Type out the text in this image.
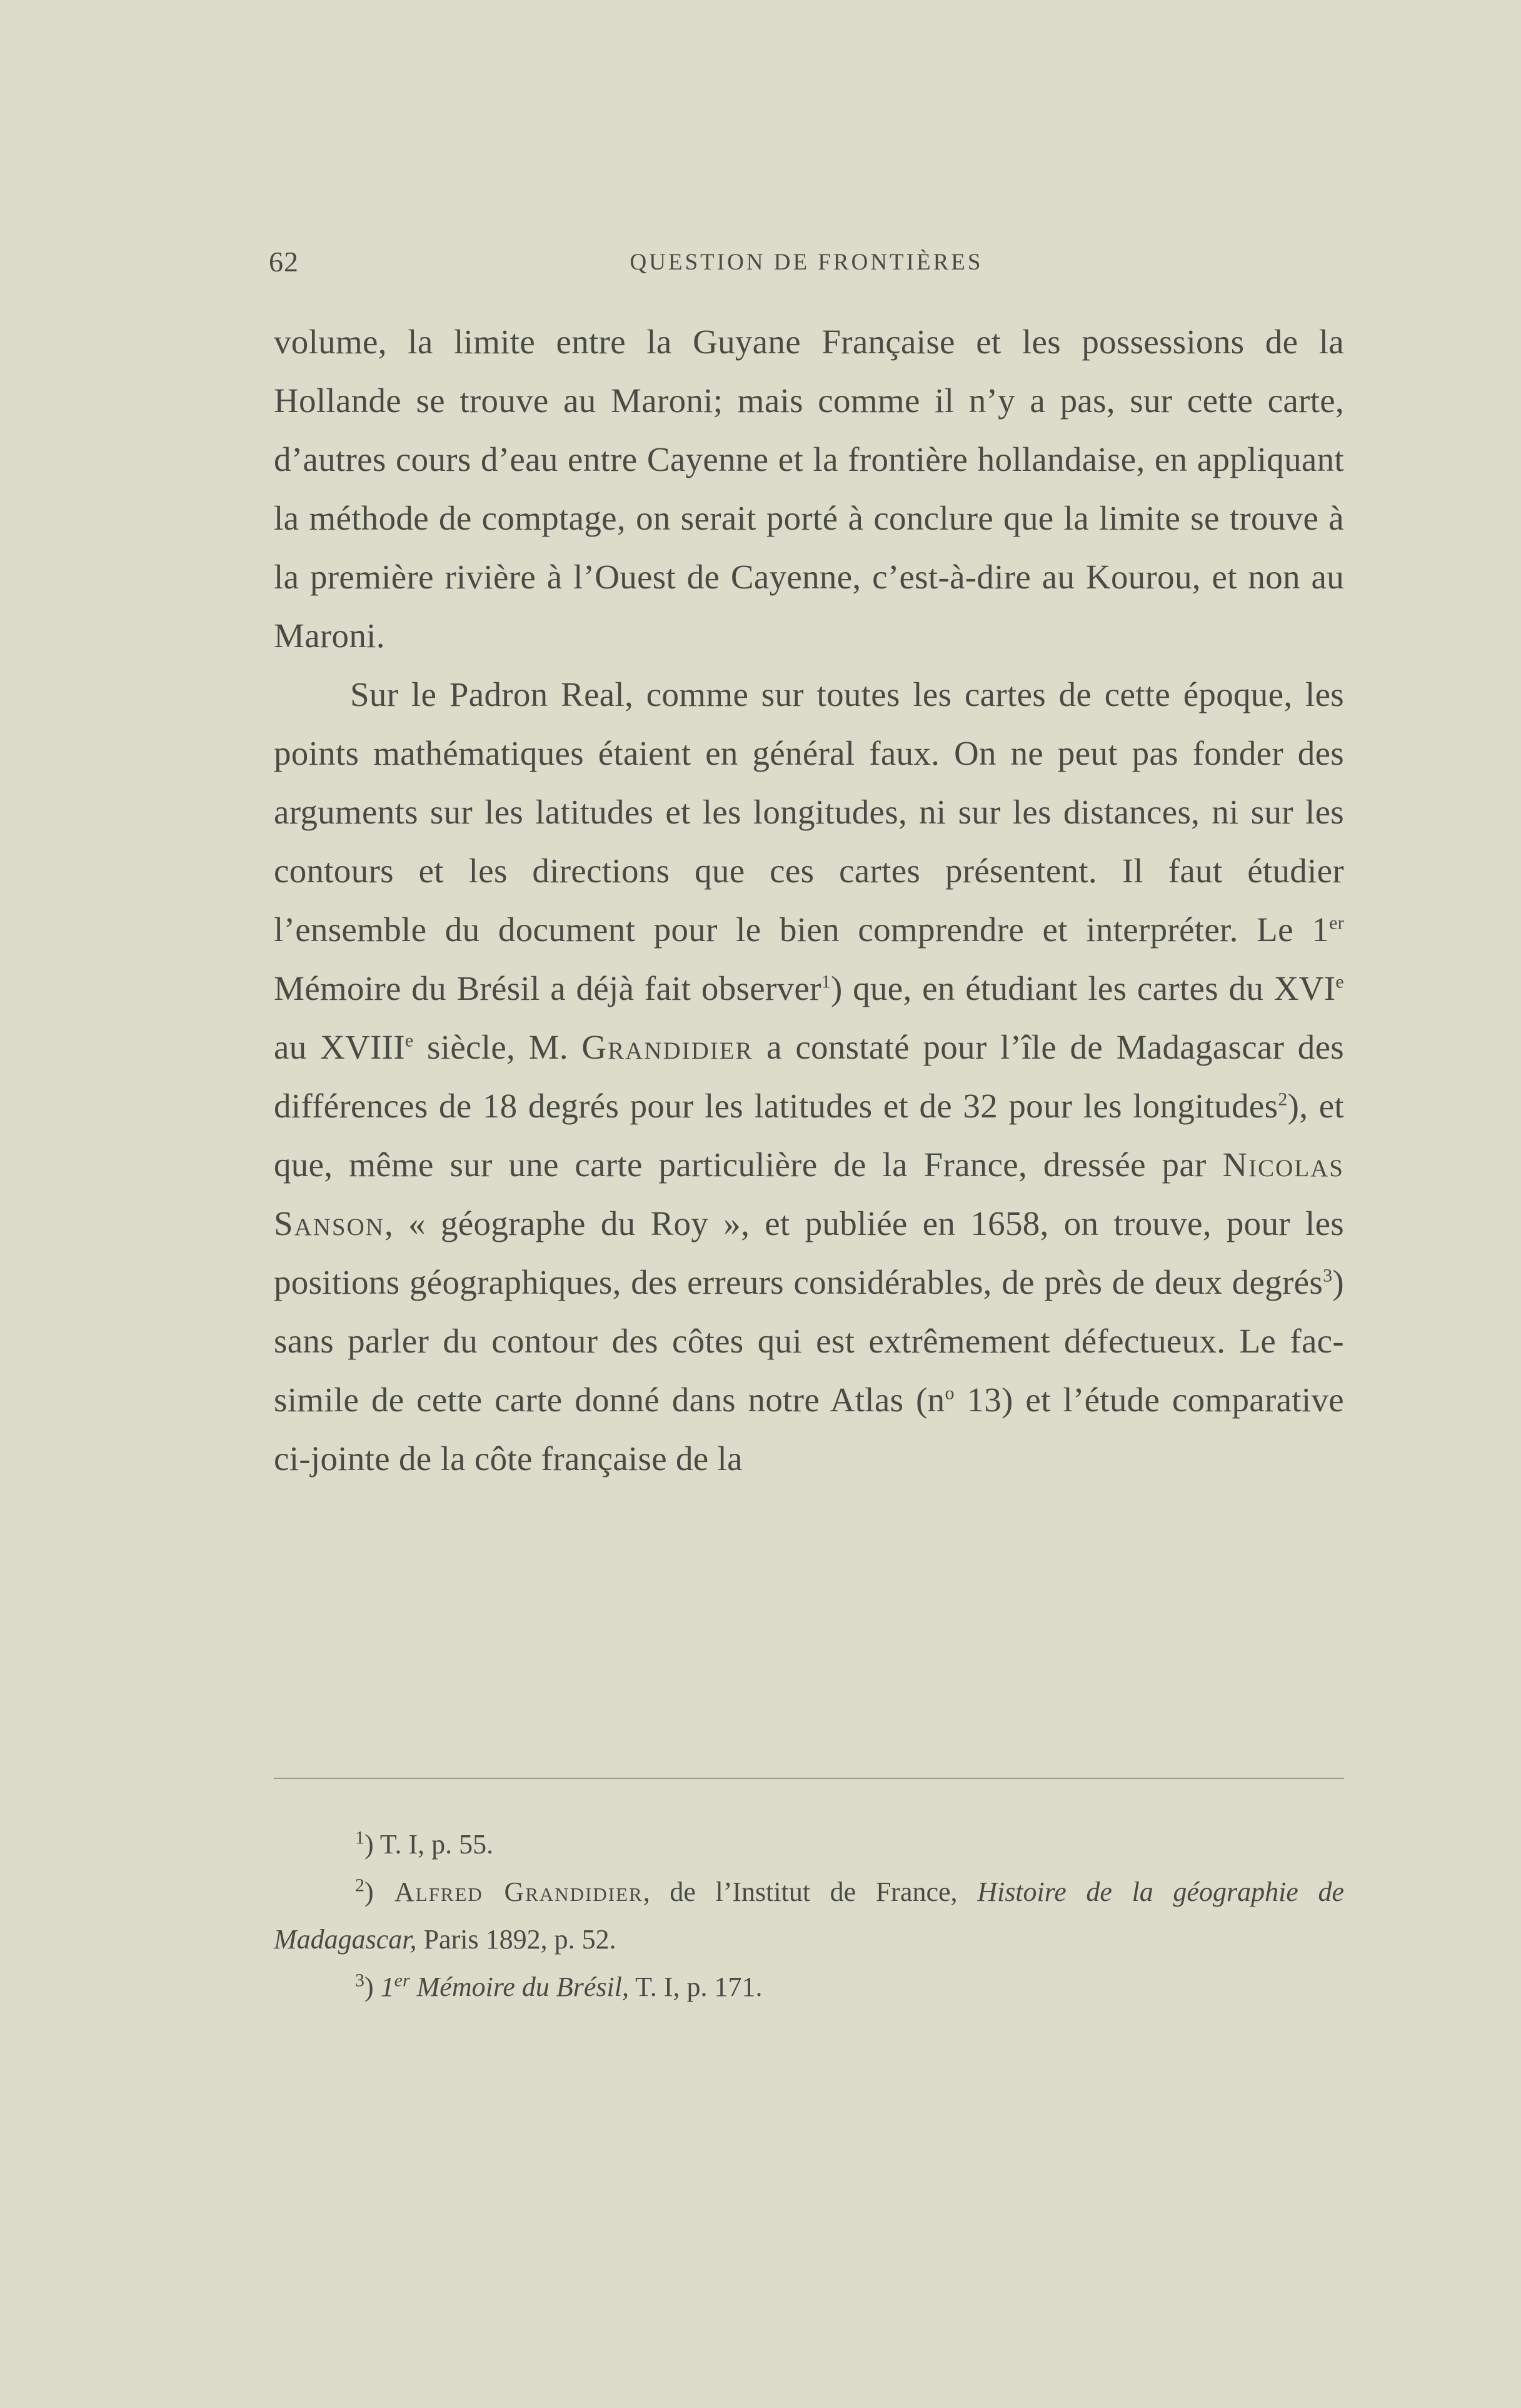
62	QUESTION DE FRONTIÈRES

volume, la limite entre la Guyane Française et les possessions de la Hollande se trouve au Maroni; mais comme il n’y a pas, sur cette carte, d’autres cours d’eau entre Cayenne et la frontière hollandaise, en appliquant la méthode de comptage, on serait porté à conclure que la limite se trouve à la première rivière à l’Ouest de Cayenne, c’est-à-dire au Kourou, et non au Maroni.

Sur le Padron Real, comme sur toutes les cartes de cette époque, les points mathématiques étaient en général faux. On ne peut pas fonder des arguments sur les latitudes et les longitudes, ni sur les distances, ni sur les contours et les directions que ces cartes présentent. Il faut étudier l’ensemble du document pour le bien comprendre et interpréter. Le 1er Mémoire du Brésil a déjà fait observer$^1$) que, en étudiant les cartes du XVIe au XVIIIe siècle, M. Grandidier a constaté pour l’île de Madagascar des différences de 18 degrés pour les latitudes et de 32 pour les longitudes$^2$), et que, même sur une carte particulière de la France, dressée par Nicolas Sanson, « géographe du Roy », et publiée en 1658, on trouve, pour les positions géographiques, des erreurs considérables, de près de deux degrés$^3$) sans parler du contour des côtes qui est extrêmement défectueux. Le fac-simile de cette carte donné dans notre Atlas ($n^o$ 13) et l’étude comparative ci-jointe de la côte française de la

$^1$) T. I, p. 55.

$^2$) Alfred Grandidier, de l’Institut de France, Histoire de la géographie de Madagascar, Paris 1892, p. 52.

$^3$) 1er Mémoire du Brésil, T. I, p. 171.
